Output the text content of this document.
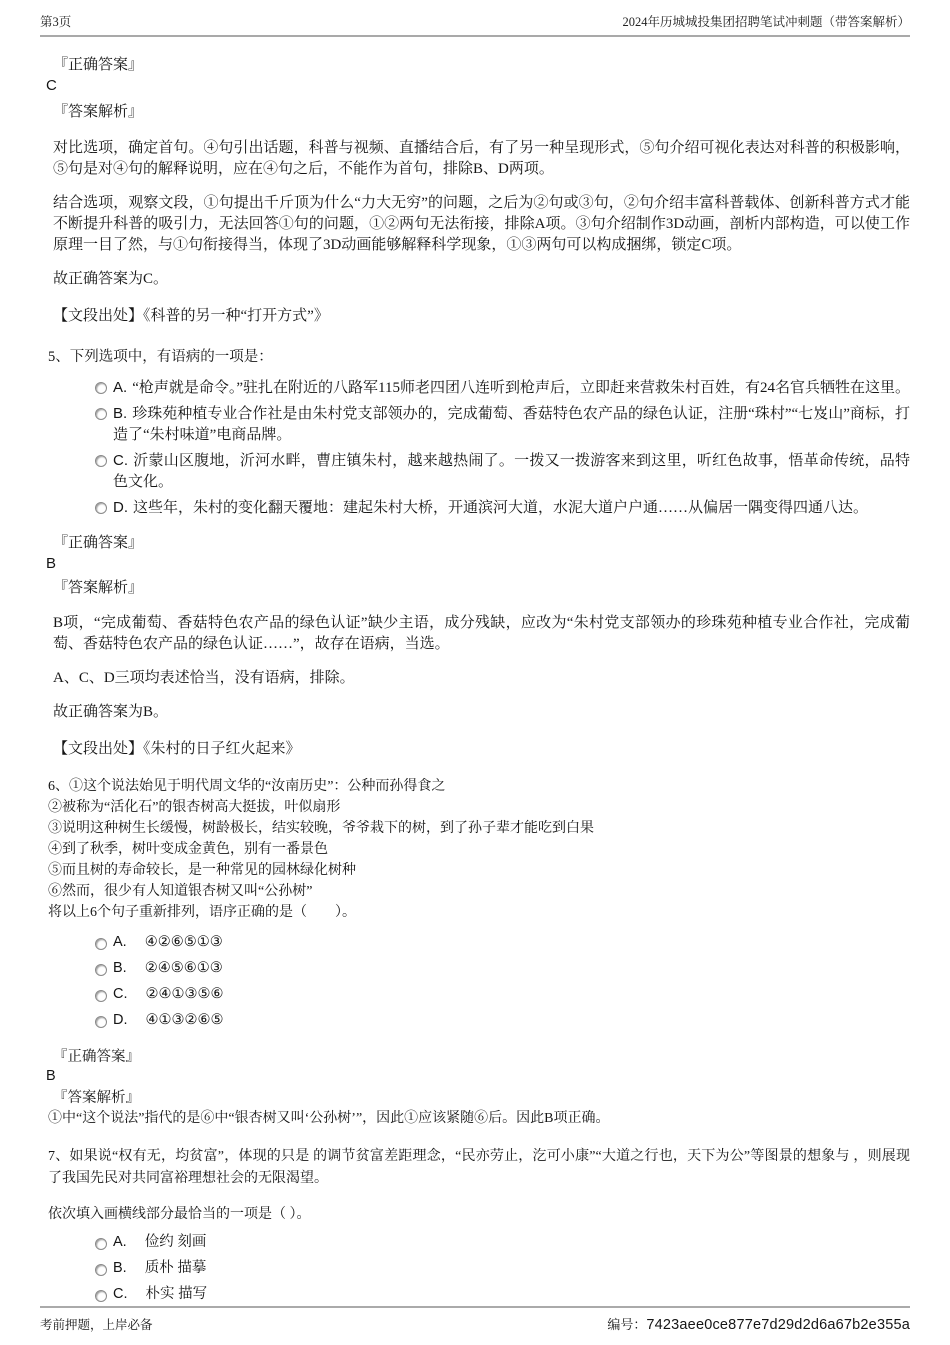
第3页	2024年历城城投集团招聘笔试冲刺题（带答案解析）
『正确答案』
C
『答案解析』
对比选项，确定首句。④句引出话题，科普与视频、直播结合后，有了另一种呈现形式，⑤句介绍可视化表达对科普的积极影响，⑤句是对④句的解释说明，应在④句之后，不能作为首句，排除B、D两项。
结合选项，观察文段，①句提出千斤顶为什么“力大无穷”的问题，之后为②句或③句，②句介绍丰富科普载体、创新科普方式才能不断提升科普的吸引力，无法回答①句的问题，①②两句无法衔接，排除A项。③句介绍制作3D动画，剖析内部构造，可以使工作原理一目了然，与①句衔接得当，体现了3D动画能够解释科学现象，①③两句可以构成捆绑，锁定C项。
故正确答案为C。
【文段出处】《科普的另一种“打开方式”》
5、下列选项中，有语病的一项是：
A. “枪声就是命令。”驻扎在附近的八路军115师老四团八连听到枪声后，立即赶来营救朱村百姓，有24名官兵牺牲在这里。
B. 珍珠苑种植专业合作社是由朱村党支部领办的，完成葡萄、香菇特色农产品的绿色认证，注册“珠村”“七岌山”商标，打造了“朱村味道”电商品牌。
C. 沂蒙山区腹地，沂河水畔，曹庄镇朱村，越来越热闹了。一拨又一拨游客来到这里，听红色故事，悟革命传统，品特色文化。
D. 这些年，朱村的变化翻天覆地：建起朱村大桥，开通滨河大道，水泥大道户户通……从偏居一隅变得四通八达。
『正确答案』
B
『答案解析』
B项，“完成葡萄、香菇特色农产品的绿色认证”缺少主语，成分残缺，应改为“朱村党支部领办的珍珠苑种植专业合作社，完成葡萄、香菇特色农产品的绿色认证……”，故存在语病，当选。
A、C、D三项均表述恰当，没有语病，排除。
故正确答案为B。
【文段出处】《朱村的日子红火起来》
6、①这个说法始见于明代周文华的“汝南历史”：公种而孙得食之
②被称为“活化石”的银杏树高大挺拔，叶似扇形
③说明这种树生长缓慢，树龄极长，结实较晚，爷爷栽下的树，到了孙子辈才能吃到白果
④到了秋季，树叶变成金黄色，别有一番景色
⑤而且树的寿命较长，是一种常见的园林绿化树种
⑥然而，很少有人知道银杏树又叫“公孙树”
将以上6个句子重新排列，语序正确的是（　　）。
A. ④②⑥⑤①③
B. ②④⑤⑥①③
C. ②④①③⑤⑥
D. ④①③②⑥⑤
『正确答案』
B
『答案解析』
①中“这个说法”指代的是⑥中“银杏树又叫‘公孙树’”，因此①应该紧随⑥后。因此B项正确。
7、如果说“权有无，均贫富”，体现的只是 的调节贫富差距理念，“民亦劳止，汔可小康”“大道之行也，天下为公”等图景的想象与 ，则展现了我国先民对共同富裕理想社会的无限渴望。
依次填入画横线部分最恰当的一项是（ ）。
A. 俭约 刻画
B. 质朴 描摹
C. 朴实 描写
考前押题，上岸必备	编号：7423aee0ce877e7d29d2d6a67b2e355a
